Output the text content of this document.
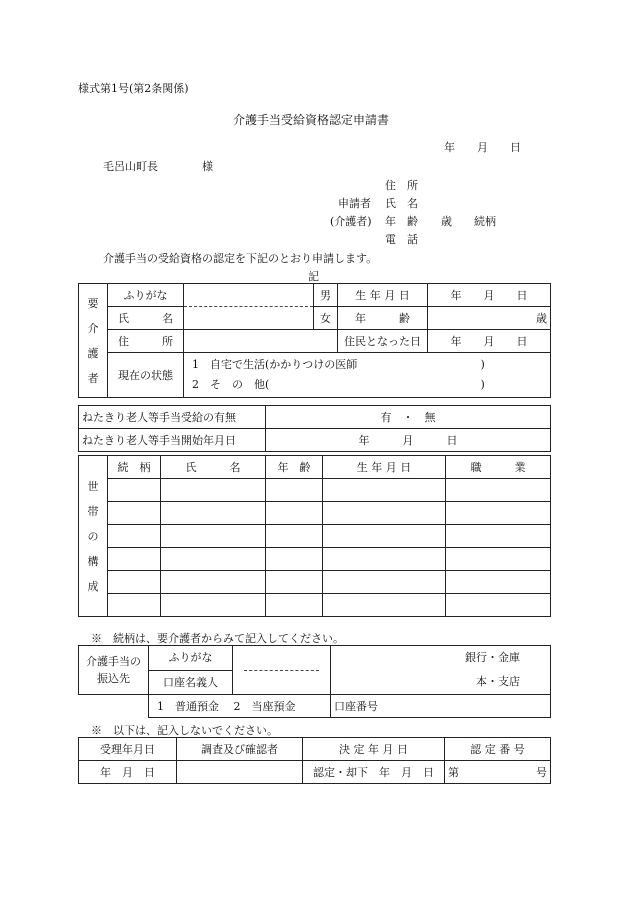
様式第1号(第2条関係)
介護手当受給資格認定申請書
年　　月　　日
毛呂山町長　　　　様
住　所
申請者 氏　名
(介護者) 年　齢 歳 続柄
電　話
介護手当の受給資格の認定を下記のとおり申請します。
記
要介護者	ふりがな		男	生 年 月 日	年　　月　　日
	氏　　　名		女	年　　　齢	歳
	住　　　所			住民となった日	年　　月　　日
	現在の状態	1　自宅で生活(かかりつけの医師 )
2　そ　の　他( )			
ねたきり老人等手当受給の有無	有　・　無
ねたきり老人等手当開始年月日	年　　　月　　　日
世帯の構成	続　柄	氏　　　名	年　齢	生 年 月 日	職　　　業

※　続柄は、要介護者からみて記入してください。
介護手当の振込先	ふりがな		銀行・金庫
本・支店

	口座名義人		
	1　普通預金　 2　当座預金		口座番号
※　以下は、記入しないでください。
受理年月日	調査及び確認者	決 定 年 月 日	認 定 番 号
年　月　日		認定・却下　年　月　日	第 号
